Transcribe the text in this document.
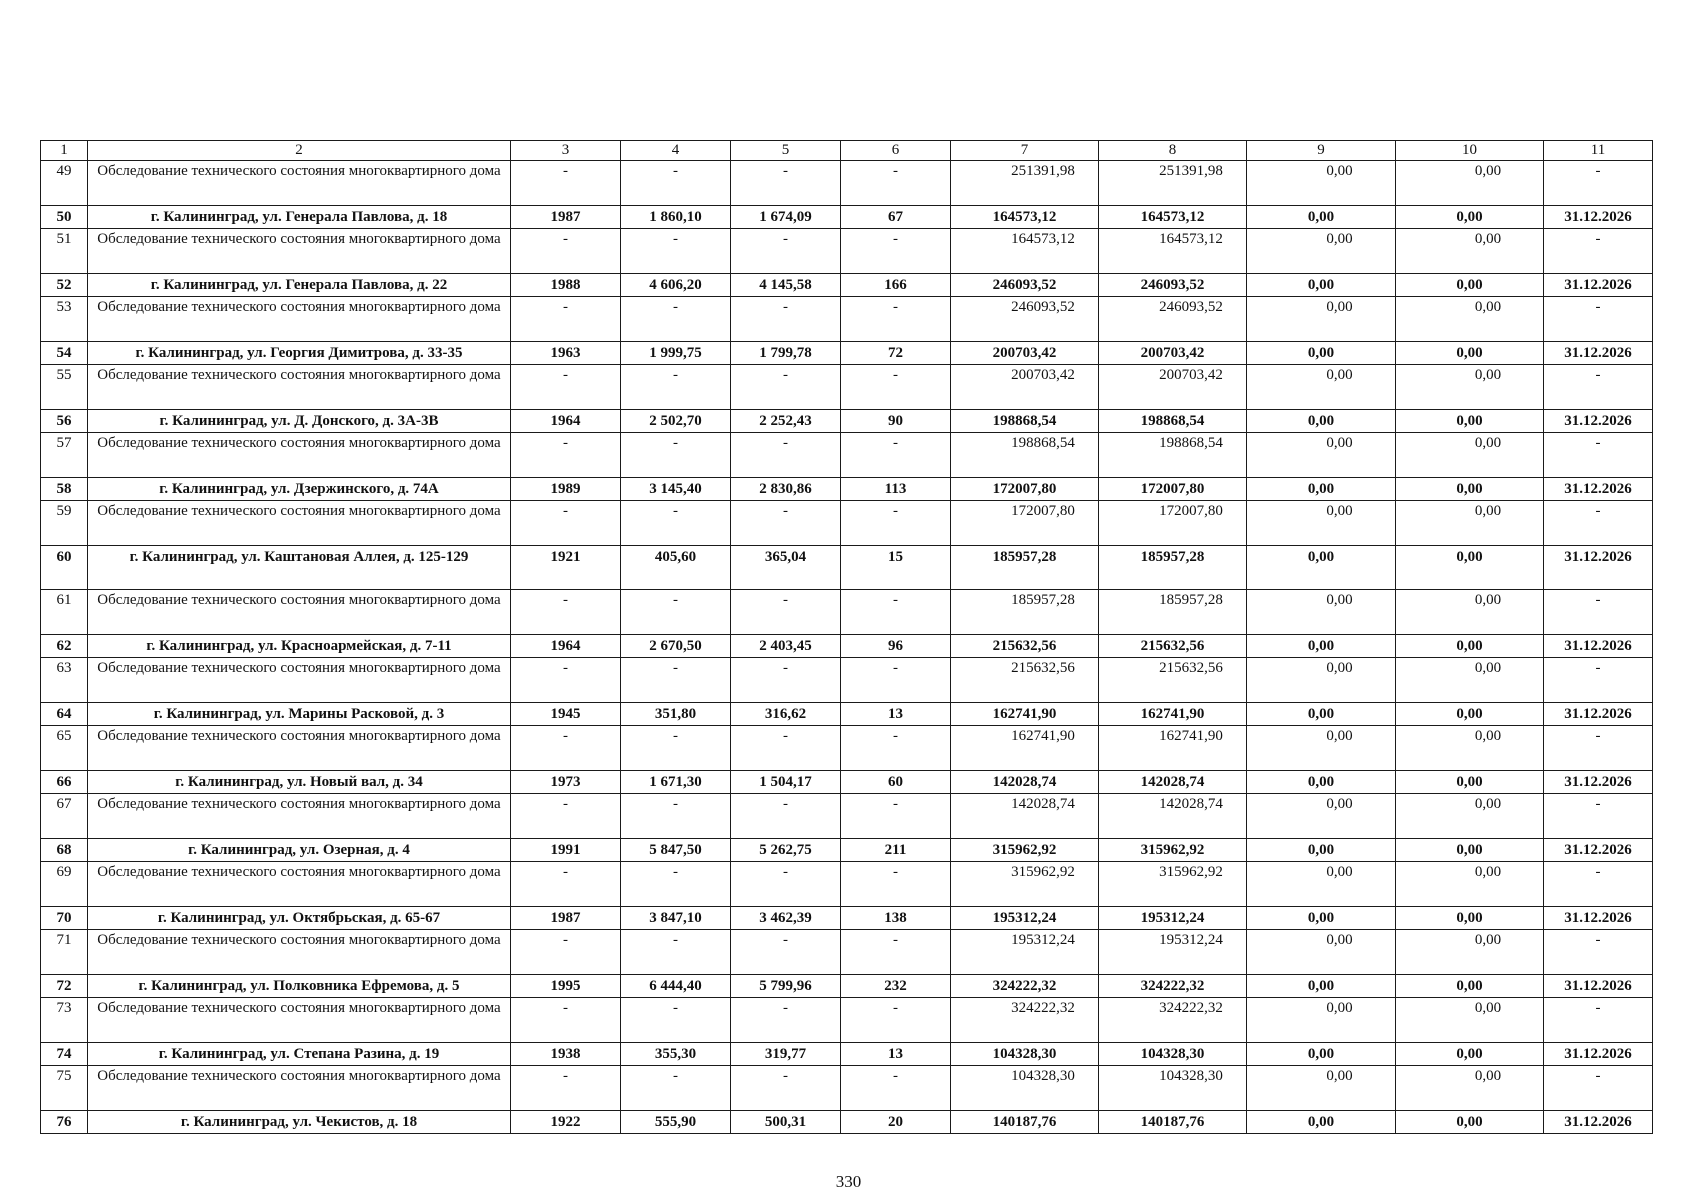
1	2	3	4	5	6	7	8	9	10	11
49	Обследование технического состояния многоквартирного дома	-	-	-	-	251391,98	251391,98	0,00	0,00	-
50	г. Калининград, ул. Генерала Павлова, д. 18	1987	1 860,10	1 674,09	67	164573,12	164573,12	0,00	0,00	31.12.2026
51	Обследование технического состояния многоквартирного дома	-	-	-	-	164573,12	164573,12	0,00	0,00	-
52	г. Калининград, ул. Генерала Павлова, д. 22	1988	4 606,20	4 145,58	166	246093,52	246093,52	0,00	0,00	31.12.2026
53	Обследование технического состояния многоквартирного дома	-	-	-	-	246093,52	246093,52	0,00	0,00	-
54	г. Калининград, ул. Георгия Димитрова, д. 33-35	1963	1 999,75	1 799,78	72	200703,42	200703,42	0,00	0,00	31.12.2026
55	Обследование технического состояния многоквартирного дома	-	-	-	-	200703,42	200703,42	0,00	0,00	-
56	г. Калининград, ул. Д. Донского, д. 3А-3В	1964	2 502,70	2 252,43	90	198868,54	198868,54	0,00	0,00	31.12.2026
57	Обследование технического состояния многоквартирного дома	-	-	-	-	198868,54	198868,54	0,00	0,00	-
58	г. Калининград, ул. Дзержинского, д. 74А	1989	3 145,40	2 830,86	113	172007,80	172007,80	0,00	0,00	31.12.2026
59	Обследование технического состояния многоквартирного дома	-	-	-	-	172007,80	172007,80	0,00	0,00	-
60	г. Калининград, ул. Каштановая Аллея, д. 125-129	1921	405,60	365,04	15	185957,28	185957,28	0,00	0,00	31.12.2026
61	Обследование технического состояния многоквартирного дома	-	-	-	-	185957,28	185957,28	0,00	0,00	-
62	г. Калининград, ул. Красноармейская, д. 7-11	1964	2 670,50	2 403,45	96	215632,56	215632,56	0,00	0,00	31.12.2026
63	Обследование технического состояния многоквартирного дома	-	-	-	-	215632,56	215632,56	0,00	0,00	-
64	г. Калининград, ул. Марины Расковой, д. 3	1945	351,80	316,62	13	162741,90	162741,90	0,00	0,00	31.12.2026
65	Обследование технического состояния многоквартирного дома	-	-	-	-	162741,90	162741,90	0,00	0,00	-
66	г. Калининград, ул. Новый вал, д. 34	1973	1 671,30	1 504,17	60	142028,74	142028,74	0,00	0,00	31.12.2026
67	Обследование технического состояния многоквартирного дома	-	-	-	-	142028,74	142028,74	0,00	0,00	-
68	г. Калининград, ул. Озерная, д. 4	1991	5 847,50	5 262,75	211	315962,92	315962,92	0,00	0,00	31.12.2026
69	Обследование технического состояния многоквартирного дома	-	-	-	-	315962,92	315962,92	0,00	0,00	-
70	г. Калининград, ул. Октябрьская, д. 65-67	1987	3 847,10	3 462,39	138	195312,24	195312,24	0,00	0,00	31.12.2026
71	Обследование технического состояния многоквартирного дома	-	-	-	-	195312,24	195312,24	0,00	0,00	-
72	г. Калининград, ул. Полковника Ефремова, д. 5	1995	6 444,40	5 799,96	232	324222,32	324222,32	0,00	0,00	31.12.2026
73	Обследование технического состояния многоквартирного дома	-	-	-	-	324222,32	324222,32	0,00	0,00	-
74	г. Калининград, ул. Степана Разина, д. 19	1938	355,30	319,77	13	104328,30	104328,30	0,00	0,00	31.12.2026
75	Обследование технического состояния многоквартирного дома	-	-	-	-	104328,30	104328,30	0,00	0,00	-
76	г. Калининград, ул. Чекистов, д. 18	1922	555,90	500,31	20	140187,76	140187,76	0,00	0,00	31.12.2026
330
